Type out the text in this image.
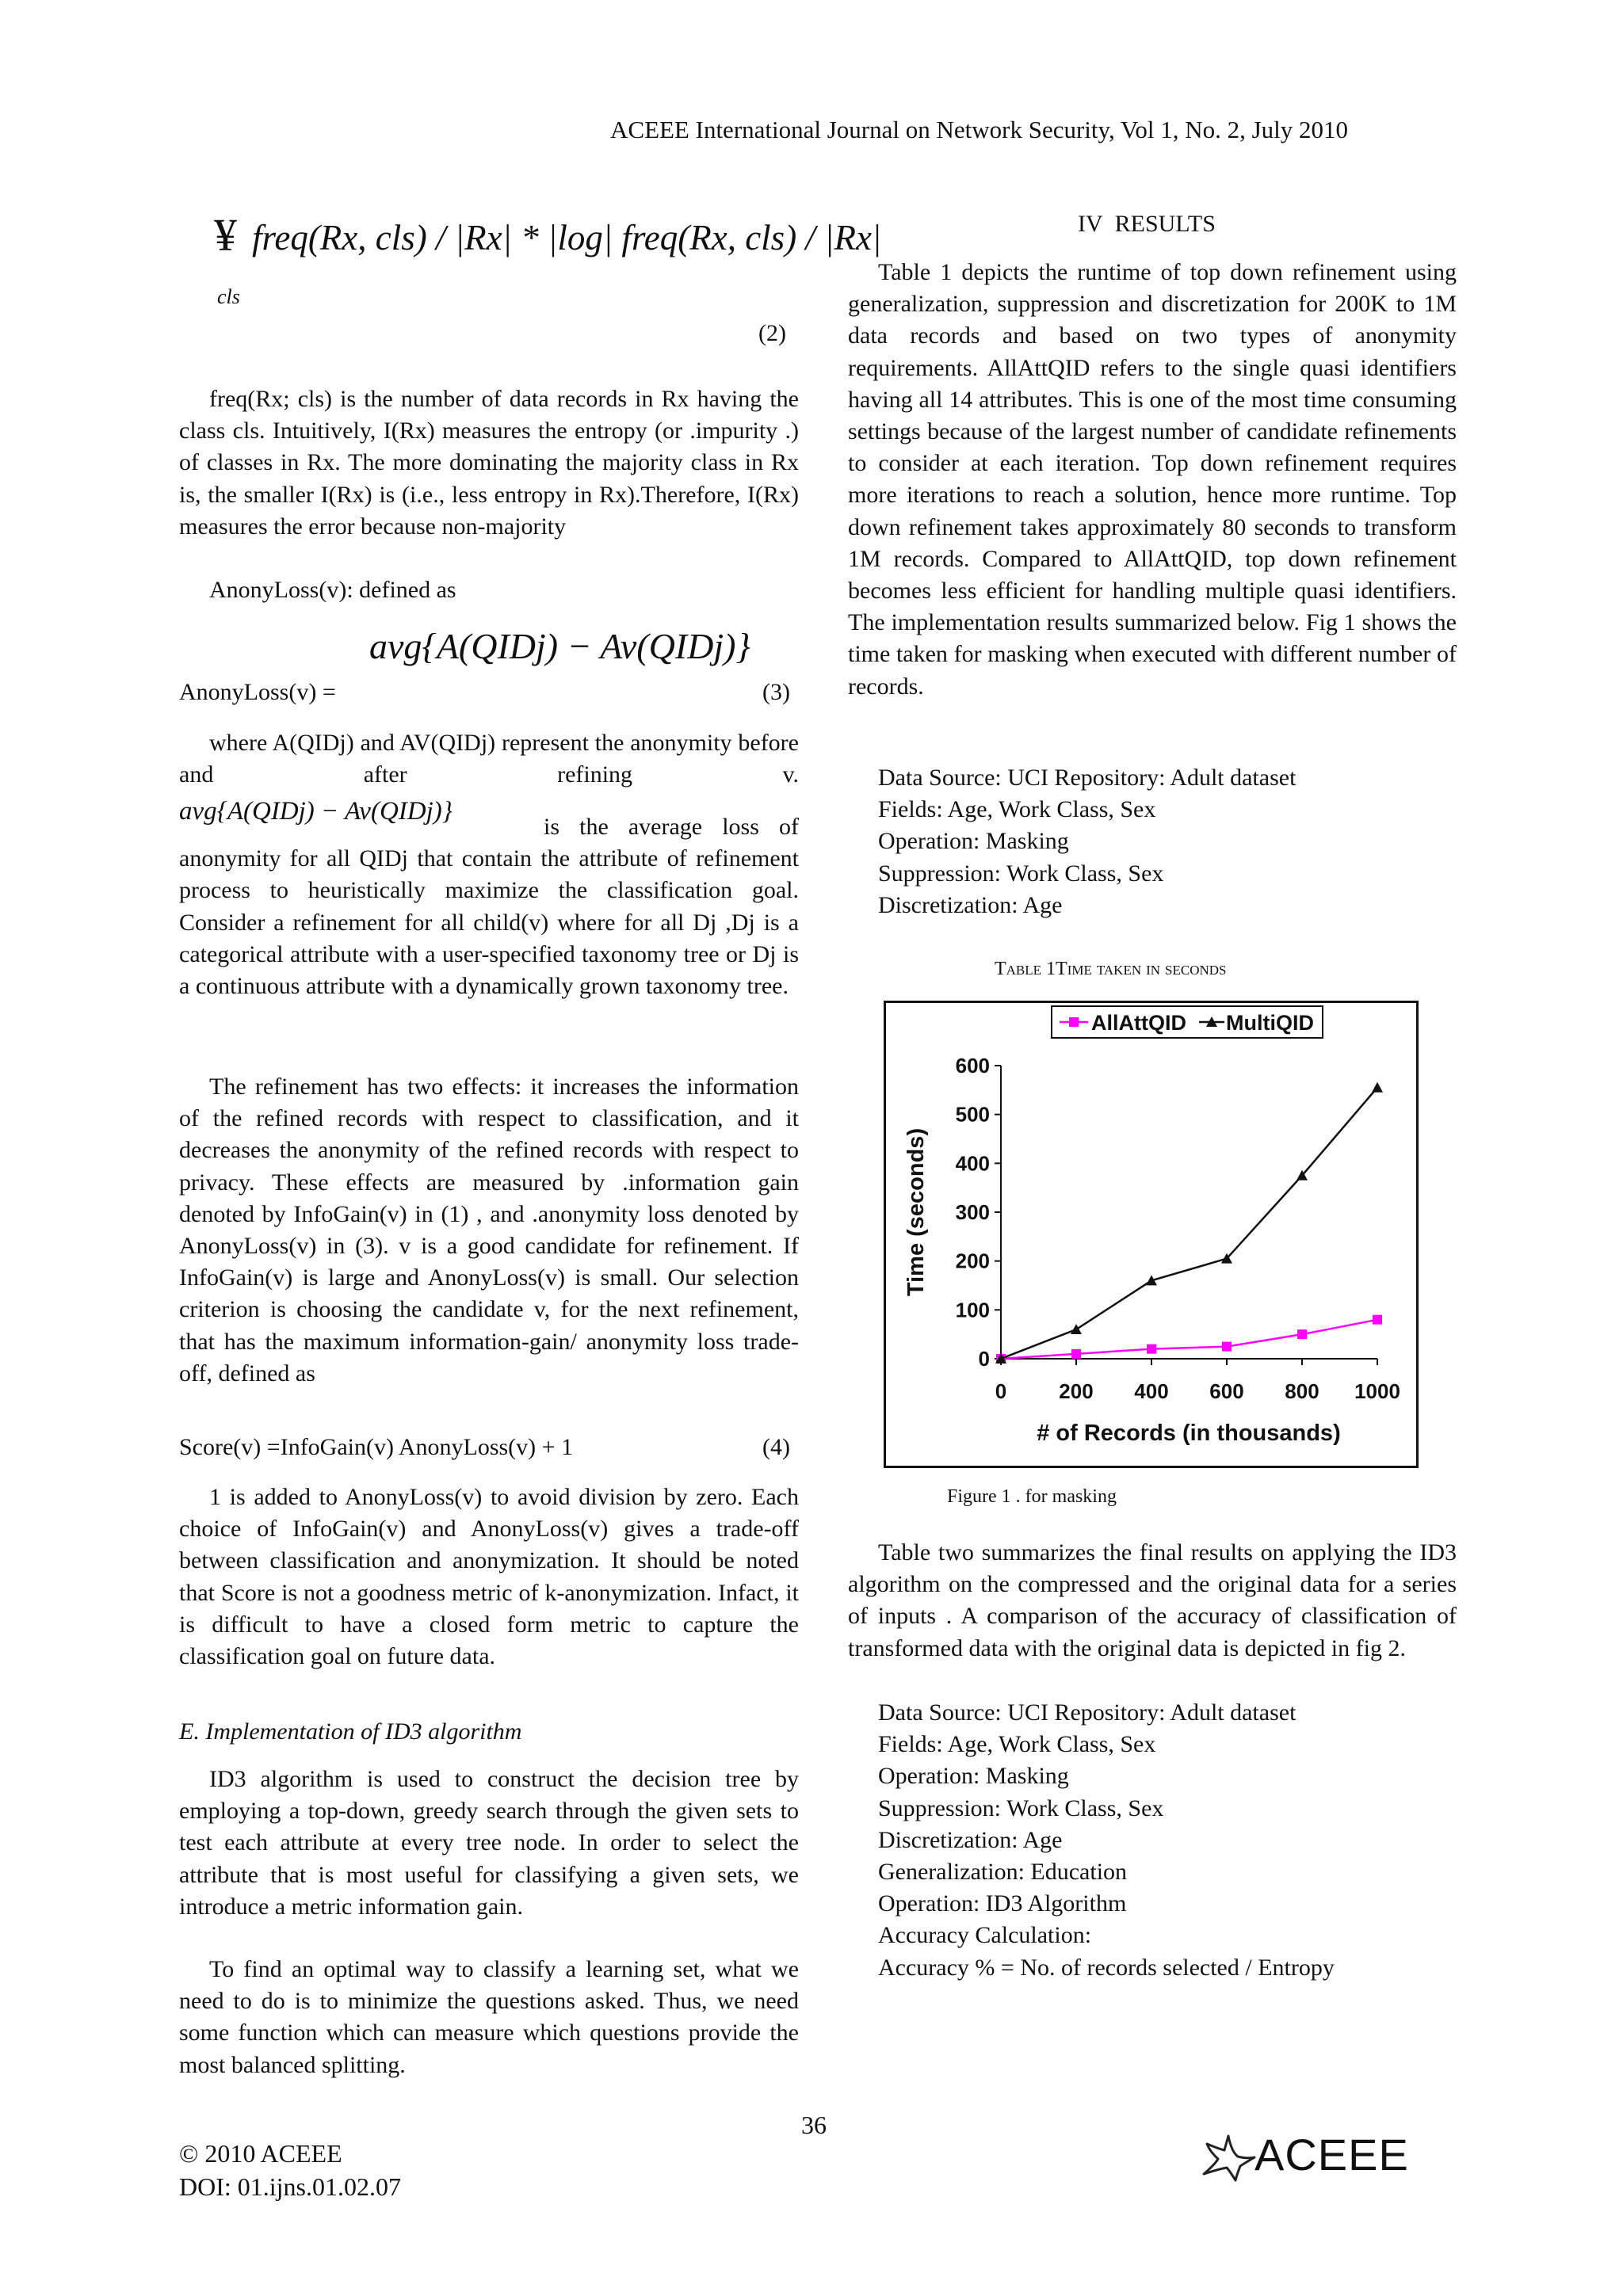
ACEEE International Journal on Network Security, Vol 1, No. 2, July 2010
¥ freq(Rx, cls) / |Rx| * |log| freq(Rx, cls) / |Rx|
cls
(2)

freq(Rx; cls) is the number of data records in Rx having the class cls. Intuitively, I(Rx) measures the entropy (or .impurity .) of classes in Rx. The more dominating the majority class in Rx is, the smaller I(Rx) is (i.e., less entropy in Rx).Therefore, I(Rx) measures the error because non-majority

AnonyLoss(v): defined as

AnonyLoss(v) =
avg{A(QIDj) − Av(QIDj)}
(3)

where A(QIDj) and AV(QIDj) represent the anonymity before and after refining v.

avg{A(QIDj) − Av(QIDj)}

is the average loss of anonymity for all QIDj that contain the attribute of refinement process to heuristically maximize the classification goal. Consider a refinement for all child(v) where for all Dj ,Dj is a categorical attribute with a user-specified taxonomy tree or Dj is a continuous attribute with a dynamically grown taxonomy tree.

The refinement has two effects: it increases the information of the refined records with respect to classification, and it decreases the anonymity of the refined records with respect to privacy. These effects are measured by .information gain denoted by InfoGain(v) in (1) , and .anonymity loss denoted by AnonyLoss(v) in (3). v is a good candidate for refinement. If InfoGain(v) is large and AnonyLoss(v) is small. Our selection criterion is choosing the candidate v, for the next refinement, that has the maximum information-gain/ anonymity loss trade-off, defined as

Score(v) =InfoGain(v) AnonyLoss(v) + 1	(4)

1 is added to AnonyLoss(v) to avoid division by zero. Each choice of InfoGain(v) and AnonyLoss(v) gives a trade-off between classification and anonymization. It should be noted that Score is not a goodness metric of k-anonymization. Infact, it is difficult to have a closed form metric to capture the classification goal on future data.

E. Implementation of ID3 algorithm

ID3 algorithm is used to construct the decision tree by employing a top-down, greedy search through the given sets to test each attribute at every tree node. In order to select the attribute that is most useful for classifying a given sets, we introduce a metric information gain.

To find an optimal way to classify a learning set, what we need to do is to minimize the questions asked. Thus, we need some function which can measure which questions provide the most balanced splitting.

IV RESULTS

Table 1 depicts the runtime of top down refinement using generalization, suppression and discretization for 200K to 1M data records and based on two types of anonymity requirements. AllAttQID refers to the single quasi identifiers having all 14 attributes. This is one of the most time consuming settings because of the largest number of candidate refinements to consider at each iteration. Top down refinement requires more iterations to reach a solution, hence more runtime. Top down refinement takes approximately 80 seconds to transform 1M records. Compared to AllAttQID, top down refinement becomes less efficient for handling multiple quasi identifiers. The implementation results summarized below. Fig 1 shows the time taken for masking when executed with different number of records.

Data Source: UCI Repository: Adult dataset

Fields: Age, Work Class, Sex

Operation: Masking

Suppression: Work Class, Sex

Discretization: Age

Table 1Time taken in seconds
AllAttQID MultiQID
0
100
200
300
400
500
600
0	200 400 600 800 1000
Time (seconds)
# of Records (in thousands)
Figure 1 . for masking

Table two summarizes the final results on applying the ID3 algorithm on the compressed and the original data for a series of inputs . A comparison of the accuracy of classification of transformed data with the original data is depicted in fig 2.

Data Source: UCI Repository: Adult dataset

Fields: Age, Work Class, Sex

Operation: Masking

Suppression: Work Class, Sex

Discretization: Age

Generalization: Education

Operation: ID3 Algorithm

Accuracy Calculation:

Accuracy % = No. of records selected / Entropy

36
© 2010 ACEEE
DOI: 01.ijns.01.02.07
ACEEE
